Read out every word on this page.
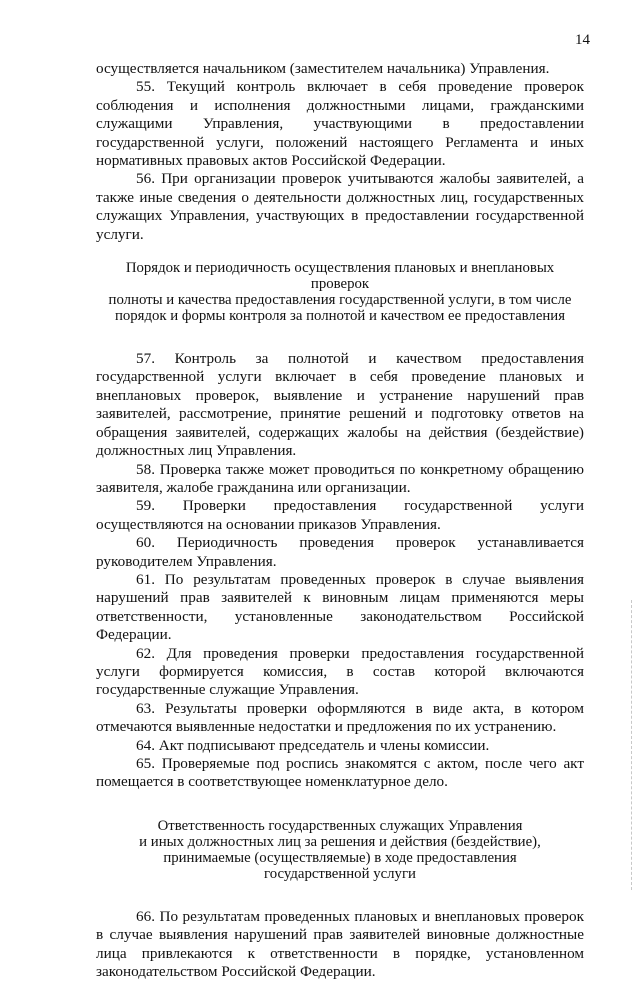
14

осуществляется начальником (заместителем начальника) Управления.

55. Текущий контроль включает в себя проведение проверок соблюдения и исполнения должностными лицами, гражданскими служащими Управления, участвующими в предоставлении государственной услуги, положений настоящего Регламента и иных нормативных правовых актов Российской Федерации.

56. При организации проверок учитываются жалобы заявителей, а также иные сведения о деятельности должностных лиц, государственных служащих Управления, участвующих в предоставлении государственной услуги.

Порядок и периодичность осуществления плановых и внеплановых проверок

полноты и качества предоставления государственной услуги, в том числе

порядок и формы контроля за полнотой и качеством ее предоставления

57. Контроль за полнотой и качеством предоставления государственной услуги включает в себя проведение плановых и внеплановых проверок, выявление и устранение нарушений прав заявителей, рассмотрение, принятие решений и подготовку ответов на обращения заявителей, содержащих жалобы на действия (бездействие) должностных лиц Управления.

58. Проверка также может проводиться по конкретному обращению заявителя, жалобе гражданина или организации.

59. Проверки предоставления государственной услуги осуществляются на основании приказов Управления.

60. Периодичность проведения проверок устанавливается руководителем Управления.

61. По результатам проведенных проверок в случае выявления нарушений прав заявителей к виновным лицам применяются меры ответственности, установленные законодательством Российской Федерации.

62. Для проведения проверки предоставления государственной услуги формируется комиссия, в состав которой включаются государственные служащие Управления.

63. Результаты проверки оформляются в виде акта, в котором отмечаются выявленные недостатки и предложения по их устранению.

64. Акт подписывают председатель и члены комиссии.

65. Проверяемые под роспись знакомятся с актом, после чего акт помещается в соответствующее номенклатурное дело.

Ответственность государственных служащих Управления

и иных должностных лиц за решения и действия (бездействие),

принимаемые (осуществляемые) в ходе предоставления

государственной услуги

66. По результатам проведенных плановых и внеплановых проверок в случае выявления нарушений прав заявителей виновные должностные лица привлекаются к ответственности в порядке, установленном законодательством Российской Федерации.
